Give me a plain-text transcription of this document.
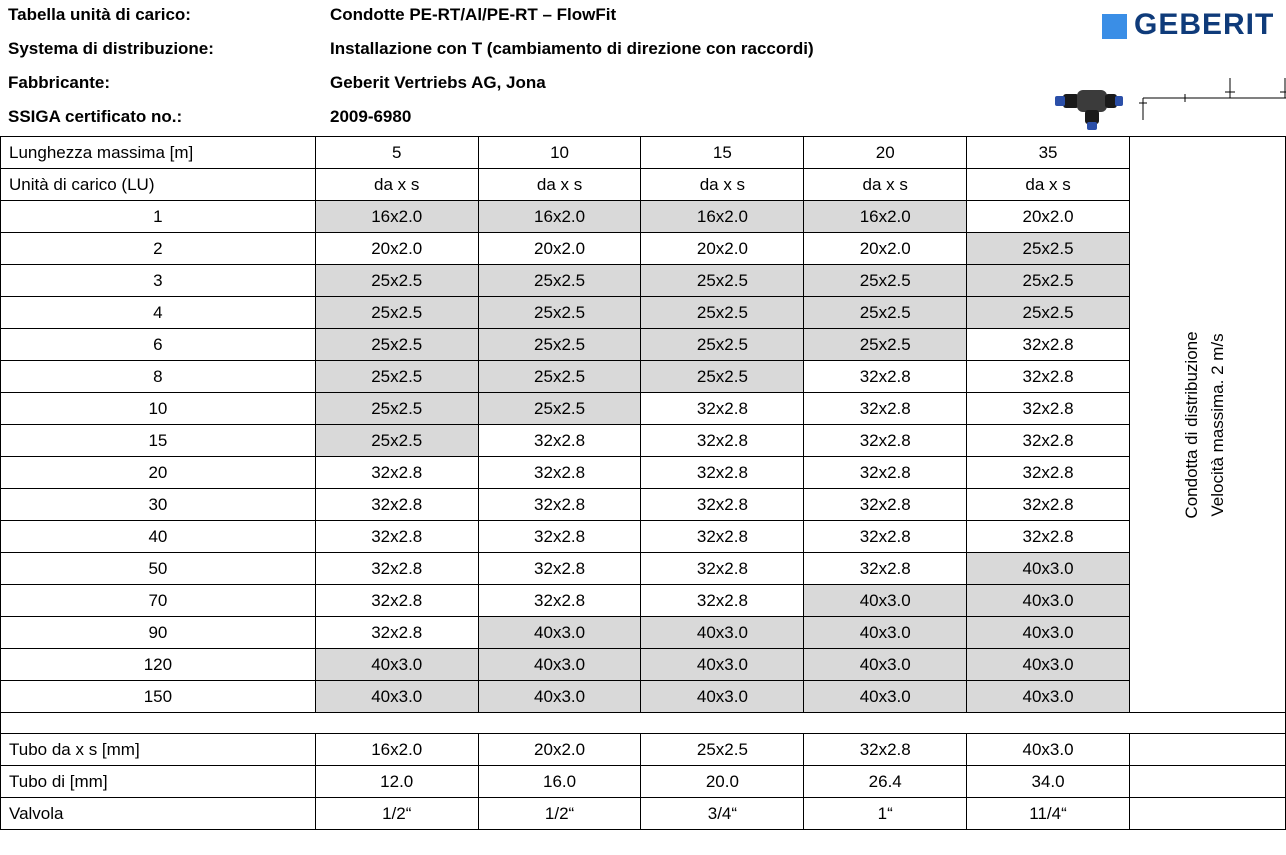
Tabella unità di carico:	Condotte PE-RT/Al/PE-RT – FlowFit
Systema di distribuzione:	Installazione con T (cambiamento di direzione con raccordi)
Fabbricante:	Geberit Vertriebs AG, Jona
SSIGA certificato no.:	2009-6980
GEBERIT
Lunghezza massima [m]	5	10	15	20	35	Condotta di distribuzione Velocità massima. 2 m/s

Unità di carico (LU)	da x s	da x s	da x s	da x s	da x s	
1	16x2.0	16x2.0	16x2.0	16x2.0	20x2.0	
2	20x2.0	20x2.0	20x2.0	20x2.0	25x2.5	
3	25x2.5	25x2.5	25x2.5	25x2.5	25x2.5	
4	25x2.5	25x2.5	25x2.5	25x2.5	25x2.5	
6	25x2.5	25x2.5	25x2.5	25x2.5	32x2.8	
8	25x2.5	25x2.5	25x2.5	32x2.8	32x2.8	
10	25x2.5	25x2.5	32x2.8	32x2.8	32x2.8	
15	25x2.5	32x2.8	32x2.8	32x2.8	32x2.8	
20	32x2.8	32x2.8	32x2.8	32x2.8	32x2.8	
30	32x2.8	32x2.8	32x2.8	32x2.8	32x2.8	
40	32x2.8	32x2.8	32x2.8	32x2.8	32x2.8	
50	32x2.8	32x2.8	32x2.8	32x2.8	40x3.0	
70	32x2.8	32x2.8	32x2.8	40x3.0	40x3.0	
90	32x2.8	40x3.0	40x3.0	40x3.0	40x3.0	
120	40x3.0	40x3.0	40x3.0	40x3.0	40x3.0	
150	40x3.0	40x3.0	40x3.0	40x3.0	40x3.0	

Tubo da x s [mm]	16x2.0	20x2.0	25x2.5	32x2.8	40x3.0	
Tubo di [mm]	12.0	16.0	20.0	26.4	34.0	
Valvola	1/2“	1/2“	3/4“	1“	11/4“	
